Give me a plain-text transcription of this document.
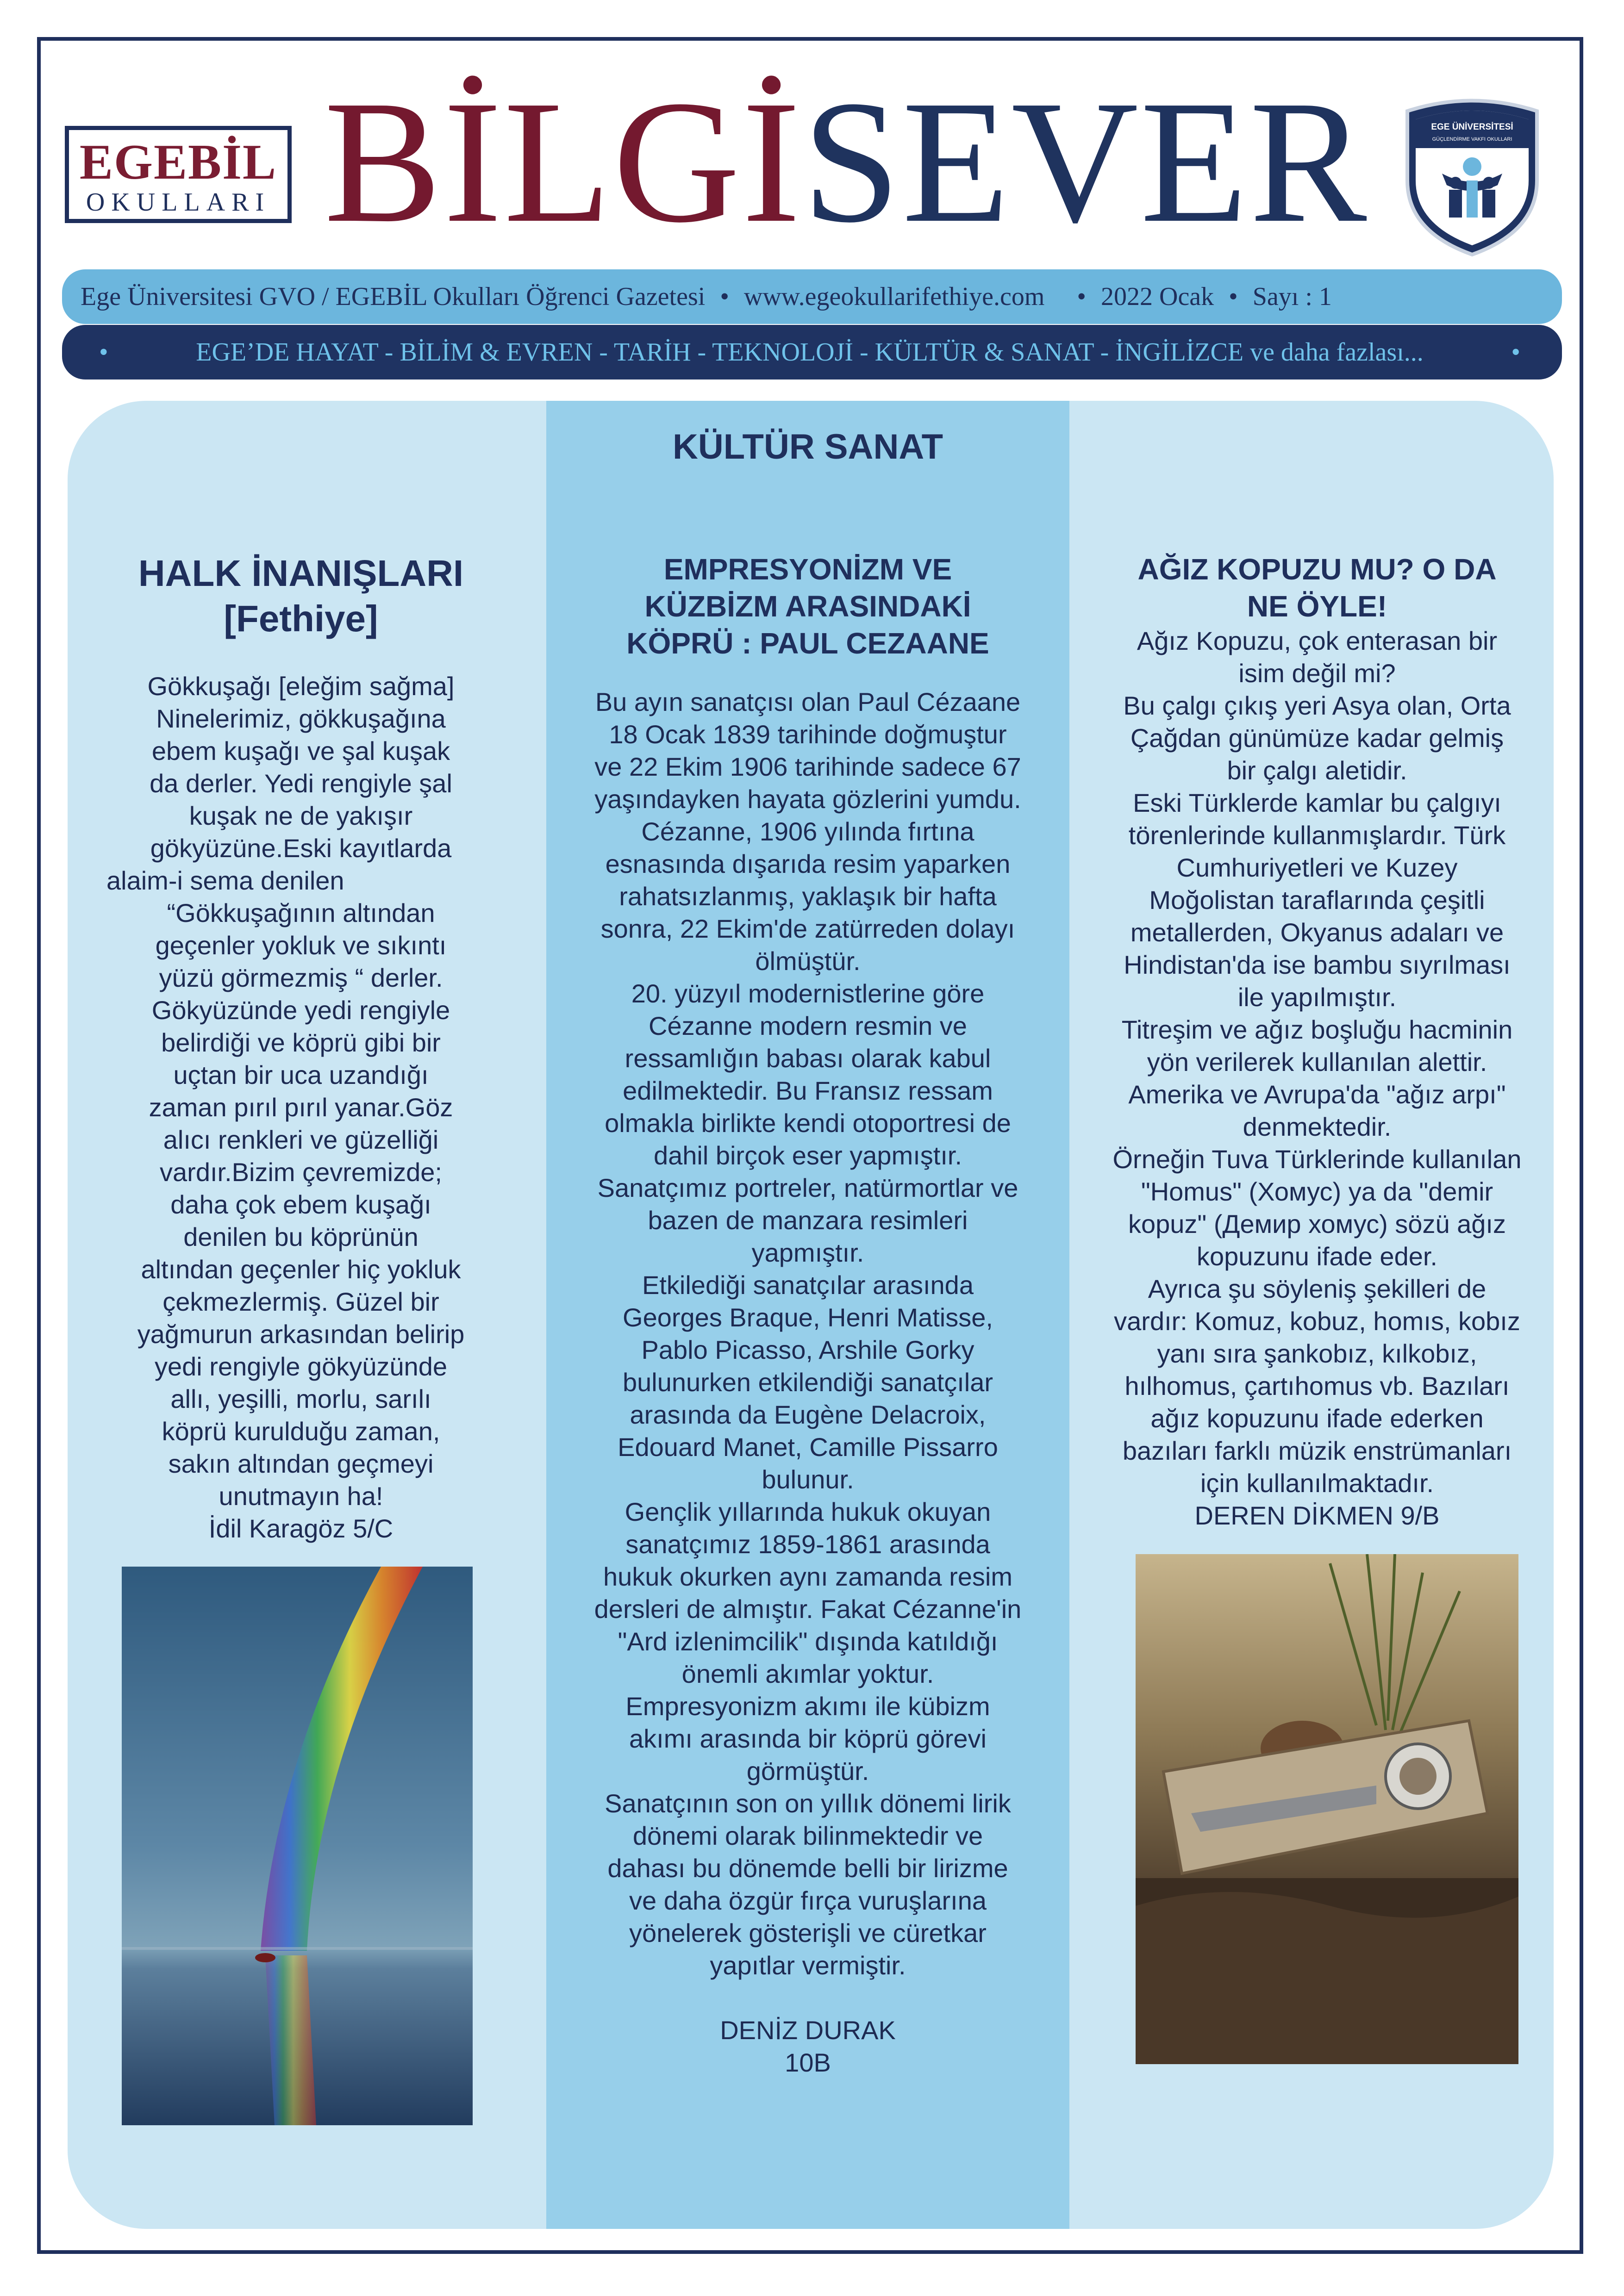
EGEBİL
OKULLARI BİLGİSEVER	EGE ÜNİVERSİTESİ
GÜÇLENDİRME VAKFI OKULLARI
Ege Üniversitesi GVO / EGEBİL Okulları Öğrenci Gazetesi • www.egeokullarifethiye.com • 2022 Ocak • Sayı : 1
•	EGE’DE HAYAT - BİLİM & EVREN - TARİH - TEKNOLOJİ - KÜLTÜR & SANAT - İNGİLİZCE ve daha fazlası...	•
KÜLTÜR SANAT
HALK İNANIŞLARI
[Fethiye]

Gökkuşağı [eleğim sağma]

Ninelerimiz, gökkuşağına

ebem kuşağı ve şal kuşak

da derler. Yedi rengiyle şal

kuşak ne de yakışır

gökyüzüne.Eski kayıtlarda

alaim-i sema denilen

“Gökkuşağının altından

geçenler yokluk ve sıkıntı

yüzü görmezmiş “ derler.

Gökyüzünde yedi rengiyle

belirdiği ve köprü gibi bir

uçtan bir uca uzandığı

zaman pırıl pırıl yanar.Göz

alıcı renkleri ve güzelliği

vardır.Bizim çevremizde;

daha çok ebem kuşağı

denilen bu köprünün

altından geçenler hiç yokluk

çekmezlermiş. Güzel bir

yağmurun arkasından belirip

yedi rengiyle gökyüzünde

allı, yeşilli, morlu, sarılı

köprü kurulduğu zaman,

sakın altından geçmeyi

unutmayın ha!

İdil Karagöz 5/C

EMPRESYONİZM VE
KÜZBİZM ARASINDAKİ
KÖPRÜ : PAUL CEZAANE

Bu ayın sanatçısı olan Paul Cézaane

18 Ocak 1839 tarihinde doğmuştur

ve 22 Ekim 1906 tarihinde sadece 67

yaşındayken hayata gözlerini yumdu.

Cézanne, 1906 yılında fırtına

esnasında dışarıda resim yaparken

rahatsızlanmış, yaklaşık bir hafta

sonra, 22 Ekim'de zatürreden dolayı

ölmüştür.

20. yüzyıl modernistlerine göre

Cézanne modern resmin ve

ressamlığın babası olarak kabul

edilmektedir. Bu Fransız ressam

olmakla birlikte kendi otoportresi de

dahil birçok eser yapmıştır.

Sanatçımız portreler, natürmortlar ve

bazen de manzara resimleri

yapmıştır.

Etkilediği sanatçılar arasında

Georges Braque, Henri Matisse,

Pablo Picasso, Arshile Gorky

bulunurken etkilendiği sanatçılar

arasında da Eugène Delacroix,

Edouard Manet, Camille Pissarro

bulunur.

Gençlik yıllarında hukuk okuyan

sanatçımız 1859-1861 arasında

hukuk okurken aynı zamanda resim

dersleri de almıştır. Fakat Cézanne'in

"Ard izlenimcilik" dışında katıldığı

önemli akımlar yoktur.

Empresyonizm akımı ile kübizm

akımı arasında bir köprü görevi

görmüştür.

Sanatçının son on yıllık dönemi lirik

dönemi olarak bilinmektedir ve

dahası bu dönemde belli bir lirizme

ve daha özgür fırça vuruşlarına

yönelerek gösterişli ve cüretkar

yapıtlar vermiştir.

DENİZ DURAK

10B

AĞIZ KOPUZU MU? O DA
NE ÖYLE!

Ağız Kopuzu, çok enterasan bir

isim değil mi?

Bu çalgı çıkış yeri Asya olan, Orta

Çağdan günümüze kadar gelmiş

bir çalgı aletidir.

Eski Türklerde kamlar bu çalgıyı

törenlerinde kullanmışlardır. Türk

Cumhuriyetleri ve Kuzey

Moğolistan taraflarında çeşitli

metallerden, Okyanus adaları ve

Hindistan'da ise bambu sıyrılması

ile yapılmıştır.

Titreşim ve ağız boşluğu hacminin

yön verilerek kullanılan alettir.

Amerika ve Avrupa'da "ağız arpı"

denmektedir.

Örneğin Tuva Türklerinde kullanılan

"Homus" (Хомус) ya da "demir

kopuz" (Демир хомус) sözü ağız

kopuzunu ifade eder.

Ayrıca şu söyleniş şekilleri de

vardır: Komuz, kobuz, homıs, kobız

yanı sıra şankobız, kılkobız,

hılhomus, çartıhomus vb. Bazıları

ağız kopuzunu ifade ederken

bazıları farklı müzik enstrümanları

için kullanılmaktadır.

DEREN DİKMEN 9/B
